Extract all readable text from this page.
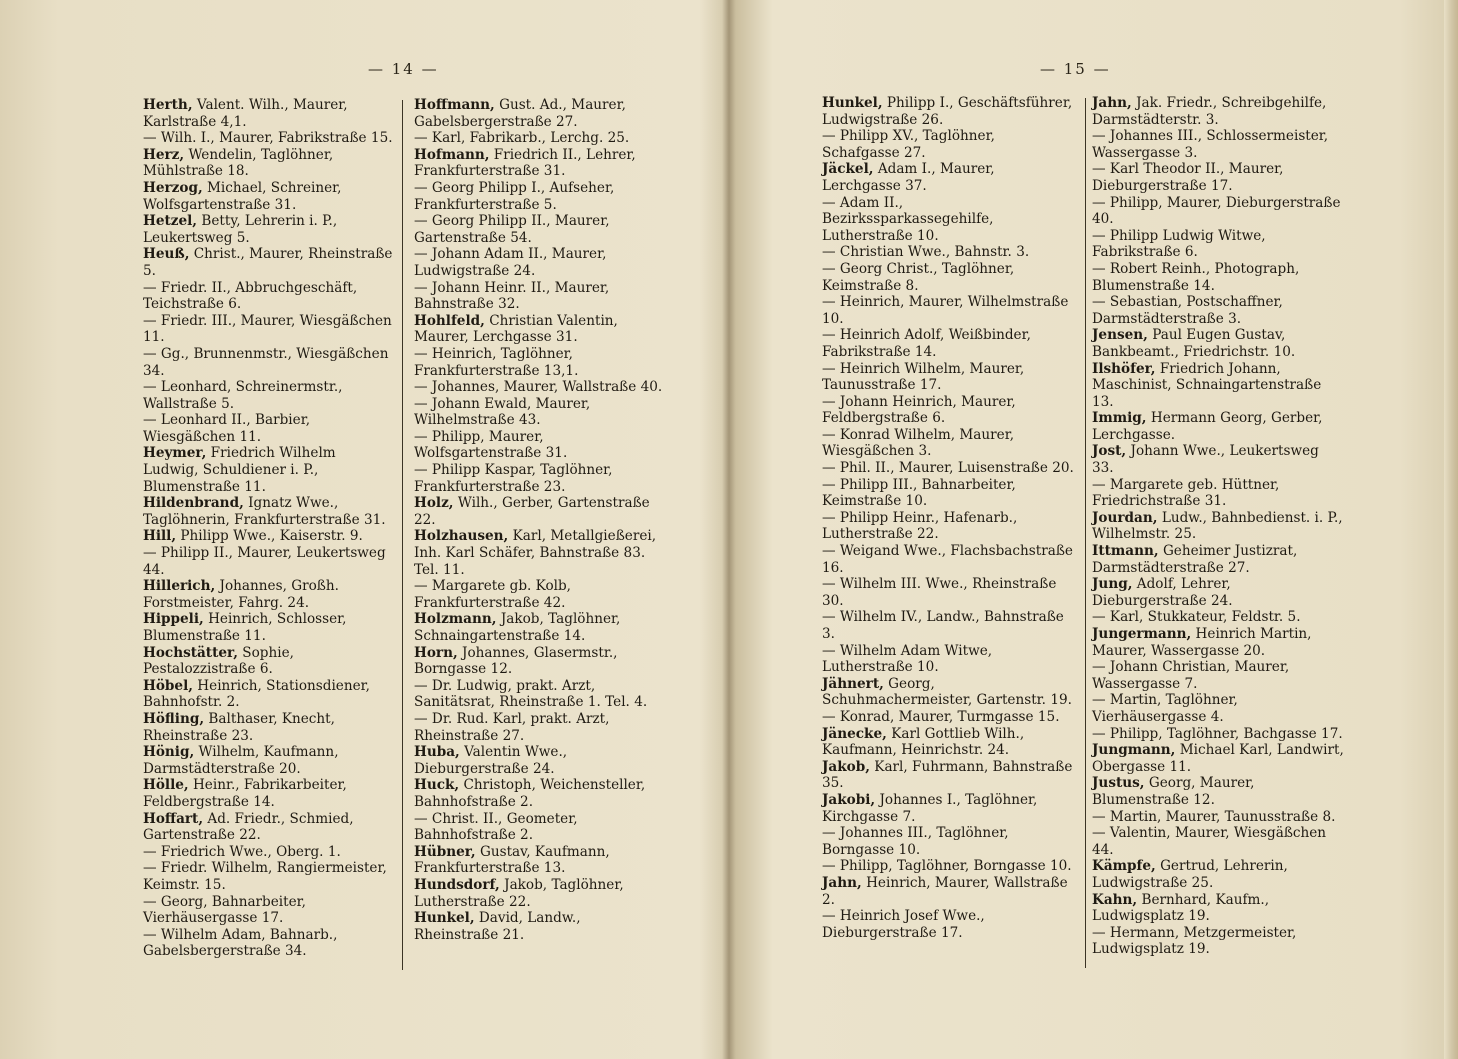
— 14 —	— 15 —

Herth, Valent. Wilh., Maurer, Karlstraße 4,1.

— Wilh. I., Maurer, Fabrikstraße 15.

Herz, Wendelin, Taglöhner, Mühlstraße 18.

Herzog, Michael, Schreiner, Wolfsgartenstraße 31.

Hetzel, Betty, Lehrerin i. P., Leukertsweg 5.

Heuß, Christ., Maurer, Rheinstraße 5.

— Friedr. II., Abbruchgeschäft, Teichstraße 6.

— Friedr. III., Maurer, Wiesgäßchen 11.

— Gg., Brunnenmstr., Wiesgäßchen 34.

— Leonhard, Schreinermstr., Wallstraße 5.

— Leonhard II., Barbier, Wiesgäßchen 11.

Heymer, Friedrich Wilhelm Ludwig, Schuldiener i. P., Blumenstraße 11.

Hildenbrand, Ignatz Wwe., Taglöhnerin, Frankfurterstraße 31.

Hill, Philipp Wwe., Kaiserstr. 9.

— Philipp II., Maurer, Leukertsweg 44.

Hillerich, Johannes, Großh. Forstmeister, Fahrg. 24.

Hippeli, Heinrich, Schlosser, Blumenstraße 11.

Hochstätter, Sophie, Pestalozzistraße 6.

Höbel, Heinrich, Stationsdiener, Bahnhofstr. 2.

Höfling, Balthaser, Knecht, Rheinstraße 23.

Hönig, Wilhelm, Kaufmann, Darmstädterstraße 20.

Hölle, Heinr., Fabrikarbeiter, Feldbergstraße 14.

Hoffart, Ad. Friedr., Schmied, Gartenstraße 22.

— Friedrich Wwe., Oberg. 1.

— Friedr. Wilhelm, Rangiermeister, Keimstr. 15.

— Georg, Bahnarbeiter, Vierhäusergasse 17.

— Wilhelm Adam, Bahnarb., Gabelsbergerstraße 34.

Hoffmann, Gust. Ad., Maurer, Gabelsbergerstraße 27.

— Karl, Fabrikarb., Lerchg. 25.

Hofmann, Friedrich II., Lehrer, Frankfurterstraße 31.

— Georg Philipp I., Aufseher, Frankfurterstraße 5.

— Georg Philipp II., Maurer, Gartenstraße 54.

— Johann Adam II., Maurer, Ludwigstraße 24.

— Johann Heinr. II., Maurer, Bahnstraße 32.

Hohlfeld, Christian Valentin, Maurer, Lerchgasse 31.

— Heinrich, Taglöhner, Frankfurterstraße 13,1.

— Johannes, Maurer, Wallstraße 40.

— Johann Ewald, Maurer, Wilhelmstraße 43.

— Philipp, Maurer, Wolfsgartenstraße 31.

— Philipp Kaspar, Taglöhner, Frankfurterstraße 23.

Holz, Wilh., Gerber, Gartenstraße 22.

Holzhausen, Karl, Metallgießerei, Inh. Karl Schäfer, Bahnstraße 83. Tel. 11.

— Margarete gb. Kolb, Frankfurterstraße 42.

Holzmann, Jakob, Taglöhner, Schnaingartenstraße 14.

Horn, Johannes, Glasermstr., Borngasse 12.

— Dr. Ludwig, prakt. Arzt, Sanitätsrat, Rheinstraße 1. Tel. 4.

— Dr. Rud. Karl, prakt. Arzt, Rheinstraße 27.

Huba, Valentin Wwe., Dieburgerstraße 24.

Huck, Christoph, Weichensteller, Bahnhofstraße 2.

— Christ. II., Geometer, Bahnhofstraße 2.

Hübner, Gustav, Kaufmann, Frankfurterstraße 13.

Hundsdorf, Jakob, Taglöhner, Lutherstraße 22.

Hunkel, David, Landw., Rheinstraße 21.

Hunkel, Philipp I., Geschäftsführer, Ludwigstraße 26.

— Philipp XV., Taglöhner, Schafgasse 27.

Jäckel, Adam I., Maurer, Lerchgasse 37.

— Adam II., Bezirkssparkassegehilfe, Lutherstraße 10.

— Christian Wwe., Bahnstr. 3.

— Georg Christ., Taglöhner, Keimstraße 8.

— Heinrich, Maurer, Wilhelmstraße 10.

— Heinrich Adolf, Weißbinder, Fabrikstraße 14.

— Heinrich Wilhelm, Maurer, Taunusstraße 17.

— Johann Heinrich, Maurer, Feldbergstraße 6.

— Konrad Wilhelm, Maurer, Wiesgäßchen 3.

— Phil. II., Maurer, Luisenstraße 20.

— Philipp III., Bahnarbeiter, Keimstraße 10.

— Philipp Heinr., Hafenarb., Lutherstraße 22.

— Weigand Wwe., Flachsbachstraße 16.

— Wilhelm III. Wwe., Rheinstraße 30.

— Wilhelm IV., Landw., Bahnstraße 3.

— Wilhelm Adam Witwe, Lutherstraße 10.

Jähnert, Georg, Schuhmachermeister, Gartenstr. 19.

— Konrad, Maurer, Turmgasse 15.

Jänecke, Karl Gottlieb Wilh., Kaufmann, Heinrichstr. 24.

Jakob, Karl, Fuhrmann, Bahnstraße 35.

Jakobi, Johannes I., Taglöhner, Kirchgasse 7.

— Johannes III., Taglöhner, Borngasse 10.

— Philipp, Taglöhner, Borngasse 10.

Jahn, Heinrich, Maurer, Wallstraße 2.

— Heinrich Josef Wwe., Dieburgerstraße 17.

Jahn, Jak. Friedr., Schreibgehilfe, Darmstädterstr. 3.

— Johannes III., Schlossermeister, Wassergasse 3.

— Karl Theodor II., Maurer, Dieburgerstraße 17.

— Philipp, Maurer, Dieburgerstraße 40.

— Philipp Ludwig Witwe, Fabrikstraße 6.

— Robert Reinh., Photograph, Blumenstraße 14.

— Sebastian, Postschaffner, Darmstädterstraße 3.

Jensen, Paul Eugen Gustav, Bankbeamt., Friedrichstr. 10.

Ilshöfer, Friedrich Johann, Maschinist, Schnaingartenstraße 13.

Immig, Hermann Georg, Gerber, Lerchgasse.

Jost, Johann Wwe., Leukertsweg 33.

— Margarete geb. Hüttner, Friedrichstraße 31.

Jourdan, Ludw., Bahnbedienst. i. P., Wilhelmstr. 25.

Ittmann, Geheimer Justizrat, Darmstädterstraße 27.

Jung, Adolf, Lehrer, Dieburgerstraße 24.

— Karl, Stukkateur, Feldstr. 5.

Jungermann, Heinrich Martin, Maurer, Wassergasse 20.

— Johann Christian, Maurer, Wassergasse 7.

— Martin, Taglöhner, Vierhäusergasse 4.

— Philipp, Taglöhner, Bachgasse 17.

Jungmann, Michael Karl, Landwirt, Obergasse 11.

Justus, Georg, Maurer, Blumenstraße 12.

— Martin, Maurer, Taunusstraße 8.

— Valentin, Maurer, Wiesgäßchen 44.

Kämpfe, Gertrud, Lehrerin, Ludwigstraße 25.

Kahn, Bernhard, Kaufm., Ludwigsplatz 19.

— Hermann, Metzgermeister, Ludwigsplatz 19.
